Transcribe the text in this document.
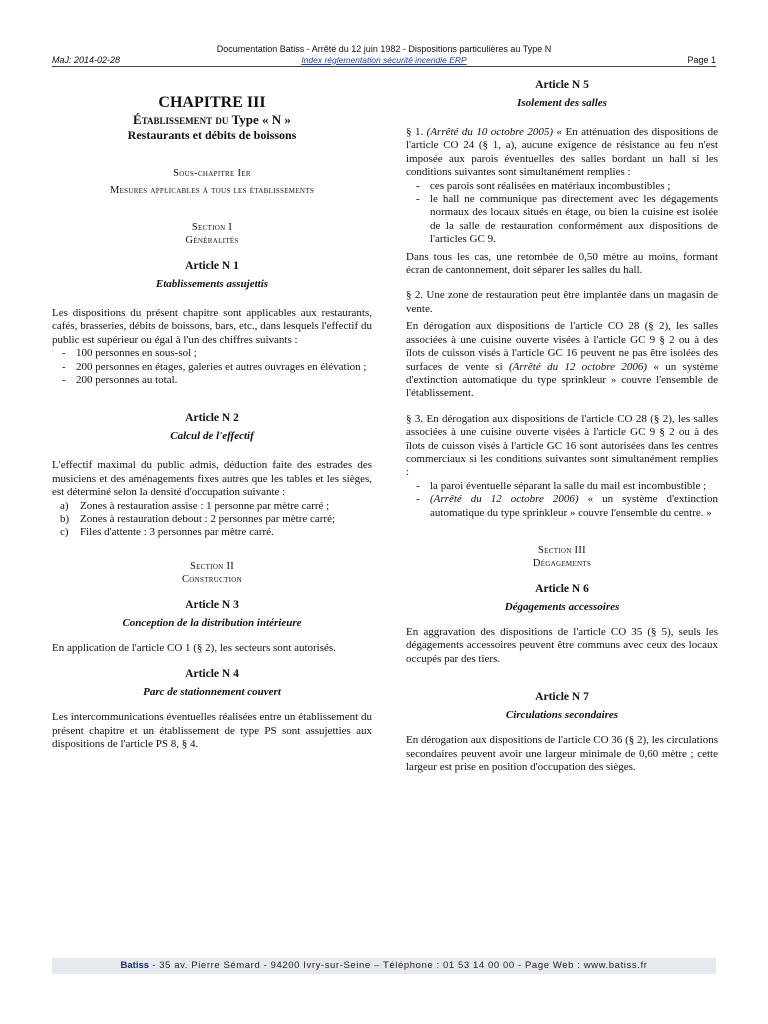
Documentation Batiss - Arrêté du 12 juin 1982 - Dispositions particulières au Type N
MaJ: 2014-02-28	Index réglementation sécurité incendie ERP	Page 1
CHAPITRE III
Établissement du Type « N »
Restaurants et débits de boissons
Sous-chapitre Ier
Mesures applicables à tous les établissements
Section I
Généralités
Article N 1
Etablissements assujettis

Les dispositions du présent chapitre sont applicables aux restaurants, cafés, brasseries, débits de boissons, bars, etc., dans lesquels l'effectif du public est supérieur ou égal à l'un des chiffres suivants :

- 100 personnes en sous-sol ;
- 200 personnes en étages, galeries et autres ouvrages en élévation ;
- 200 personnes au total.
Article N 2
Calcul de l'effectif

L'effectif maximal du public admis, déduction faite des estrades des musiciens et des aménagements fixes autres que les tables et les sièges, est déterminé selon la densité d'occupation suivante :

a) Zones à restauration assise : 1 personne par mètre carré ;
b) Zones à restauration debout : 2 personnes par mètre carré;
c) Files d'attente : 3 personnes par mètre carré.
Section II
Construction
Article N 3
Conception de la distribution intérieure

En application de l'article CO 1 (§ 2), les secteurs sont autorisés.

Article N 4
Parc de stationnement couvert

Les intercommunications éventuelles réalisées entre un établissement du présent chapitre et un établissement de type PS sont assujetties aux dispositions de l'article PS 8, § 4.

Article N 5
Isolement des salles

§ 1. (Arrêté du 10 octobre 2005) « En atténuation des dispositions de l'article CO 24 (§ 1, a), aucune exigence de résistance au feu n'est imposée aux parois éventuelles des salles bordant un hall si les conditions suivantes sont simultanément remplies :

- ces parois sont réalisées en matériaux incombustibles ;
- le hall ne communique pas directement avec les dégagements normaux des locaux situés en étage, ou bien la cuisine est isolée de la salle de restauration conformément aux dispositions de l'articles GC 9.

Dans tous les cas, une retombée de 0,50 mètre au moins, formant écran de cantonnement, doit séparer les salles du hall.

§ 2. Une zone de restauration peut être implantée dans un magasin de vente.

En dérogation aux dispositions de l'article CO 28 (§ 2), les salles associées à une cuisine ouverte visées à l'article GC 9 § 2 ou à des îlots de cuisson visés à l'article GC 16 peuvent ne pas être isolées des surfaces de vente si (Arrêté du 12 octobre 2006) « un système d'extinction automatique du type sprinkleur » couvre l'ensemble de l'établissement.

§ 3. En dérogation aux dispositions de l'article CO 28 (§ 2), les salles associées à une cuisine ouverte visées à l'article GC 9 § 2 ou à des îlots de cuisson visés à l'article GC 16 sont autorisées dans les centres commerciaux si les conditions suivantes sont simultanément remplies :

- la paroi éventuelle séparant la salle du mail est incombustible ;
- (Arrêté du 12 octobre 2006) « un système d'extinction automatique du type sprinkleur » couvre l'ensemble du centre. »
Section III
Dégagements
Article N 6
Dégagements accessoires

En aggravation des dispositions de l'article CO 35 (§ 5), seuls les dégagements accessoires peuvent être communs avec ceux des locaux occupés par des tiers.

Article N 7
Circulations secondaires

En dérogation aux dispositions de l'article CO 36 (§ 2), les circulations secondaires peuvent avoir une largeur minimale de 0,60 mètre ; cette largeur est prise en position d'occupation des sièges.

Batiss - 35 av. Pierre Sémard - 94200 Ivry-sur-Seine – Téléphone : 01 53 14 00 00 - Page Web : www.batiss.fr
